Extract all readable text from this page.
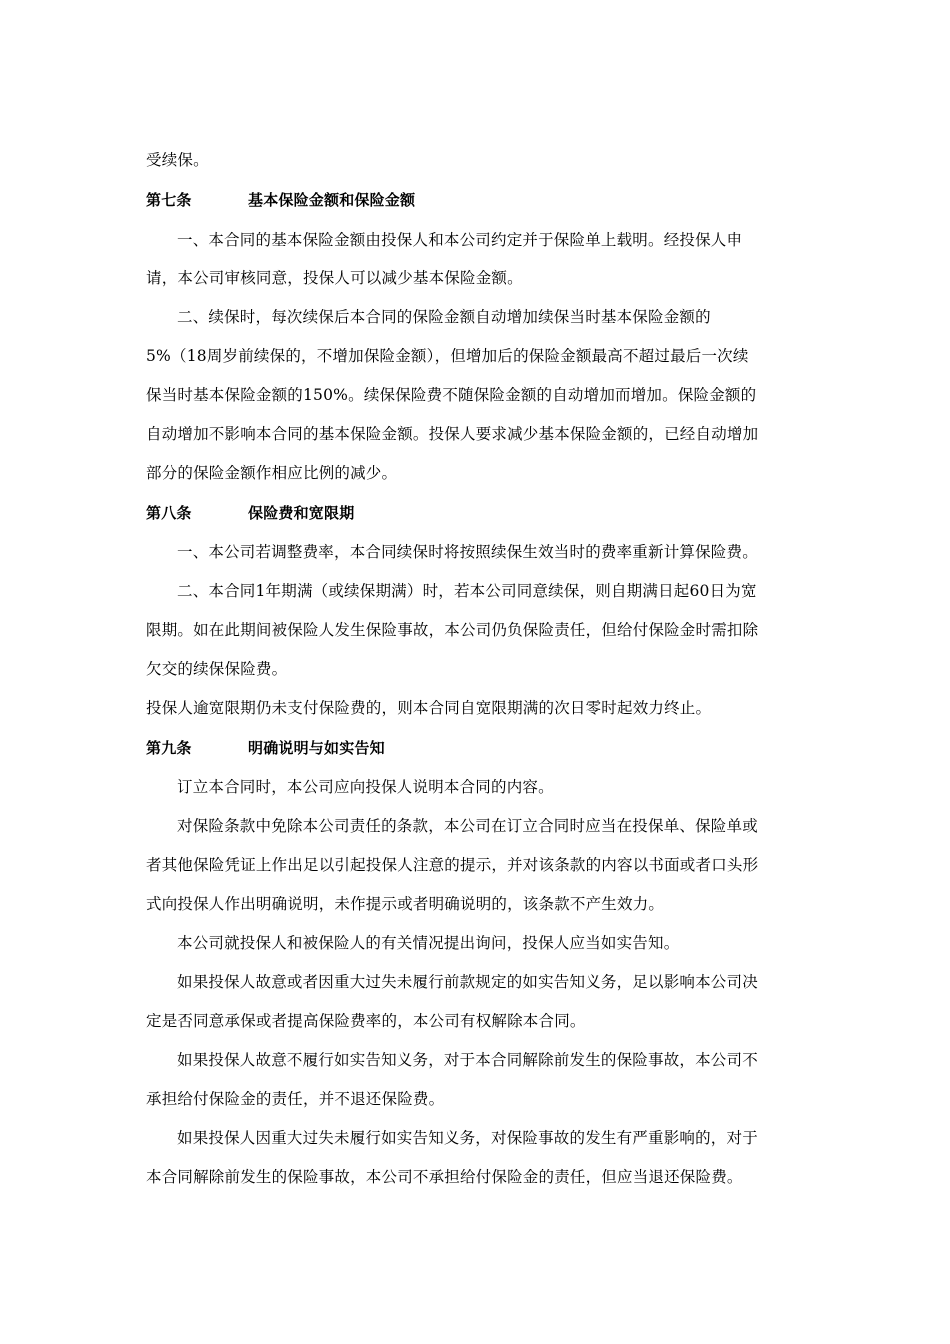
受续保。
第七条	基本保险金额和保险金额
一、本合同的基本保险金额由投保人和本公司约定并于保险单上载明。经投保人申
请，本公司审核同意，投保人可以减少基本保险金额。
二、续保时，每次续保后本合同的保险金额自动增加续保当时基本保险金额的
5%（18周岁前续保的，不增加保险金额），但增加后的保险金额最高不超过最后一次续
保当时基本保险金额的150%。续保保险费不随保险金额的自动增加而增加。保险金额的
自动增加不影响本合同的基本保险金额。投保人要求减少基本保险金额的，已经自动增加
部分的保险金额作相应比例的减少。
第八条	保险费和宽限期
一、本公司若调整费率，本合同续保时将按照续保生效当时的费率重新计算保险费。
二、本合同1年期满（或续保期满）时，若本公司同意续保，则自期满日起60日为宽
限期。如在此期间被保险人发生保险事故，本公司仍负保险责任，但给付保险金时需扣除
欠交的续保保险费。
投保人逾宽限期仍未支付保险费的，则本合同自宽限期满的次日零时起效力终止。
第九条	明确说明与如实告知
订立本合同时，本公司应向投保人说明本合同的内容。
对保险条款中免除本公司责任的条款，本公司在订立合同时应当在投保单、保险单或
者其他保险凭证上作出足以引起投保人注意的提示，并对该条款的内容以书面或者口头形
式向投保人作出明确说明，未作提示或者明确说明的，该条款不产生效力。
本公司就投保人和被保险人的有关情况提出询问，投保人应当如实告知。
如果投保人故意或者因重大过失未履行前款规定的如实告知义务，足以影响本公司决
定是否同意承保或者提高保险费率的，本公司有权解除本合同。
如果投保人故意不履行如实告知义务，对于本合同解除前发生的保险事故，本公司不
承担给付保险金的责任，并不退还保险费。
如果投保人因重大过失未履行如实告知义务，对保险事故的发生有严重影响的，对于
本合同解除前发生的保险事故，本公司不承担给付保险金的责任，但应当退还保险费。
